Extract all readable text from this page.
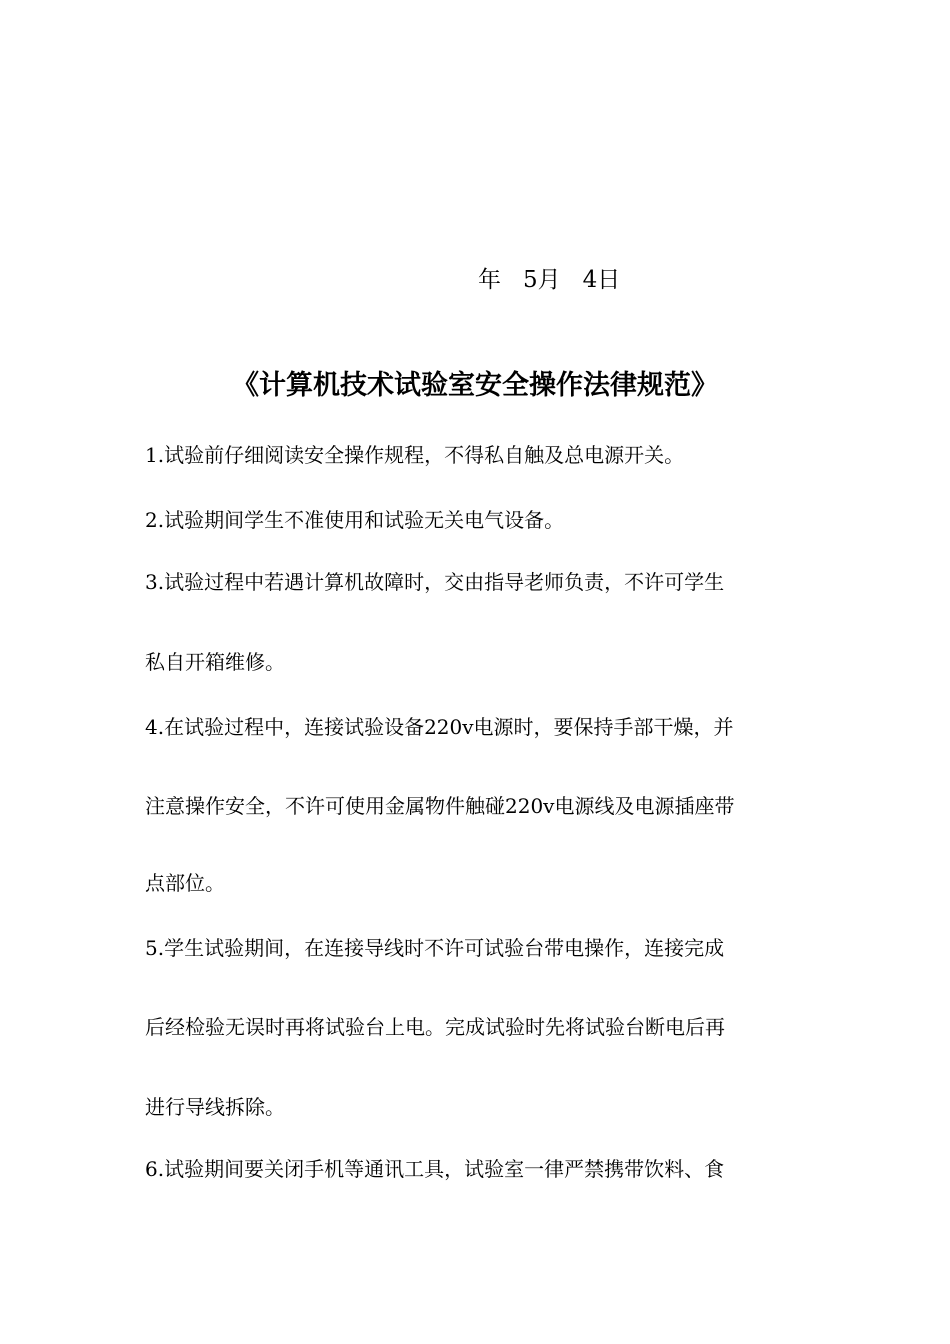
年 5月 4日
《计算机技术试验室安全操作法律规范》
1.试验前仔细阅读安全操作规程，不得私自触及总电源开关。
2.试验期间学生不准使用和试验无关电气设备。
3.试验过程中若遇计算机故障时，交由指导老师负责，不许可学生
私自开箱维修。
4.在试验过程中，连接试验设备220v电源时，要保持手部干燥，并
注意操作安全，不许可使用金属物件触碰220v电源线及电源插座带
点部位。
5.学生试验期间，在连接导线时不许可试验台带电操作，连接完成
后经检验无误时再将试验台上电。完成试验时先将试验台断电后再
进行导线拆除。
6.试验期间要关闭手机等通讯工具，试验室一律严禁携带饮料、食
